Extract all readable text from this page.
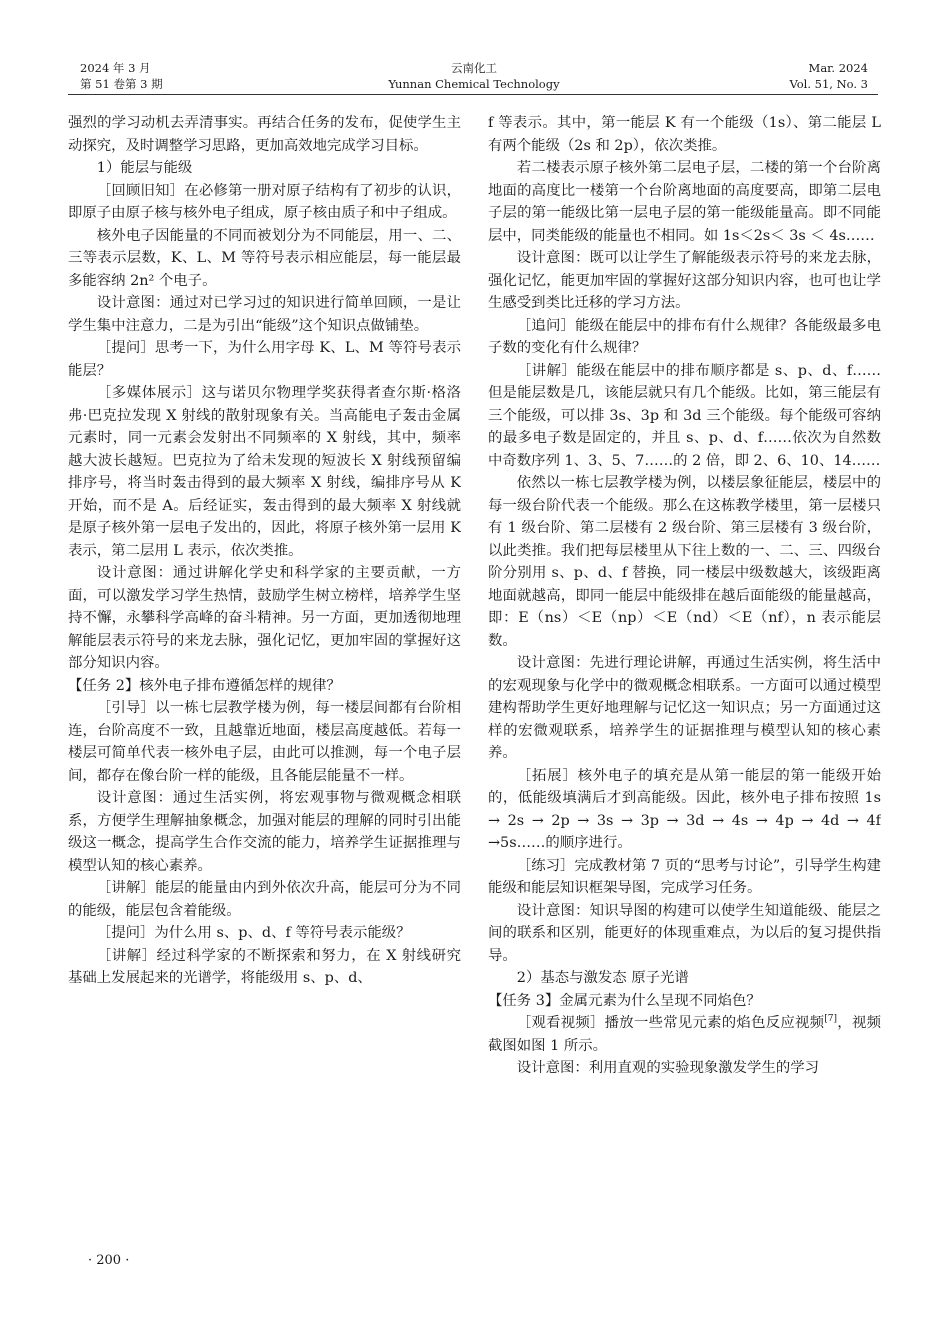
2024 年 3 月
第 51 卷第 3 期
云南化工
Yunnan Chemical Technology
Mar. 2024
Vol. 51, No. 3

强烈的学习动机去弄清事实。再结合任务的发布，促使学生主动探究，及时调整学习思路，更加高效地完成学习目标。

1）能层与能级

［回顾旧知］在必修第一册对原子结构有了初步的认识，即原子由原子核与核外电子组成，原子核由质子和中子组成。

核外电子因能量的不同而被划分为不同能层，用一、二、三等表示层数，K、L、M 等符号表示相应能层，每一能层最多能容纳 2n² 个电子。

设计意图：通过对已学习过的知识进行简单回顾，一是让学生集中注意力，二是为引出“能级”这个知识点做铺垫。

［提问］思考一下，为什么用字母 K、L、M 等符号表示能层？

［多媒体展示］这与诺贝尔物理学奖获得者查尔斯·格洛弗·巴克拉发现 X 射线的散射现象有关。当高能电子轰击金属元素时，同一元素会发射出不同频率的 X 射线，其中，频率越大波长越短。巴克拉为了给未发现的短波长 X 射线预留编排序号，将当时轰击得到的最大频率 X 射线，编排序号从 K 开始，而不是 A。后经证实，轰击得到的最大频率 X 射线就是原子核外第一层电子发出的，因此，将原子核外第一层用 K 表示，第二层用 L 表示，依次类推。

设计意图：通过讲解化学史和科学家的主要贡献，一方面，可以激发学习学生热情，鼓励学生树立榜样，培养学生坚持不懈，永攀科学高峰的奋斗精神。另一方面，更加透彻地理解能层表示符号的来龙去脉，强化记忆，更加牢固的掌握好这部分知识内容。

【任务 2】核外电子排布遵循怎样的规律？

［引导］以一栋七层教学楼为例，每一楼层间都有台阶相连，台阶高度不一致，且越靠近地面，楼层高度越低。若每一楼层可简单代表一核外电子层，由此可以推测，每一个电子层间，都存在像台阶一样的能级，且各能层能量不一样。

设计意图：通过生活实例，将宏观事物与微观概念相联系，方便学生理解抽象概念，加强对能层的理解的同时引出能级这一概念，提高学生合作交流的能力，培养学生证据推理与模型认知的核心素养。

［讲解］能层的能量由内到外依次升高，能层可分为不同的能级，能层包含着能级。

［提问］为什么用 s、p、d、f 等符号表示能级？

［讲解］经过科学家的不断探索和努力，在 X 射线研究基础上发展起来的光谱学，将能级用 s、p、d、

f 等表示。其中，第一能层 K 有一个能级（1s）、第二能层 L 有两个能级（2s 和 2p），依次类推。

若二楼表示原子核外第二层电子层，二楼的第一个台阶离地面的高度比一楼第一个台阶离地面的高度要高，即第二层电子层的第一能级比第一层电子层的第一能级能量高。即不同能层中，同类能级的能量也不相同。如 1s＜2s＜ 3s ＜ 4s……

设计意图：既可以让学生了解能级表示符号的来龙去脉，强化记忆，能更加牢固的掌握好这部分知识内容，也可也让学生感受到类比迁移的学习方法。

［追问］能级在能层中的排布有什么规律？各能级最多电子数的变化有什么规律？

［讲解］能级在能层中的排布顺序都是 s、p、d、f……但是能层数是几，该能层就只有几个能级。比如，第三能层有三个能级，可以排 3s、3p 和 3d 三个能级。每个能级可容纳的最多电子数是固定的，并且 s、p、d、f……依次为自然数中奇数序列 1、3、5、7……的 2 倍，即 2、6、10、14……

依然以一栋七层教学楼为例，以楼层象征能层，楼层中的每一级台阶代表一个能级。那么在这栋教学楼里，第一层楼只有 1 级台阶、第二层楼有 2 级台阶、第三层楼有 3 级台阶，以此类推。我们把每层楼里从下往上数的一、二、三、四级台阶分别用 s、p、d、f 替换，同一楼层中级数越大，该级距离地面就越高，即同一能层中能级排在越后面能级的能量越高，即：E（ns）＜E（np）＜E（nd）＜E（nf），n 表示能层数。

设计意图：先进行理论讲解，再通过生活实例，将生活中的宏观现象与化学中的微观概念相联系。一方面可以通过模型建构帮助学生更好地理解与记忆这一知识点；另一方面通过这样的宏微观联系，培养学生的证据推理与模型认知的核心素养。

［拓展］核外电子的填充是从第一能层的第一能级开始的，低能级填满后才到高能级。因此，核外电子排布按照 1s → 2s → 2p → 3s → 3p → 3d → 4s → 4p → 4d → 4f →5s……的顺序进行。

［练习］完成教材第 7 页的“思考与讨论”，引导学生构建能级和能层知识框架导图，完成学习任务。

设计意图：知识导图的构建可以使学生知道能级、能层之间的联系和区别，能更好的体现重难点，为以后的复习提供指导。

2）基态与激发态 原子光谱

【任务 3】金属元素为什么呈现不同焰色？

［观看视频］播放一些常见元素的焰色反应视频[7]，视频截图如图 1 所示。

设计意图：利用直观的实验现象激发学生的学习

· 200 ·
